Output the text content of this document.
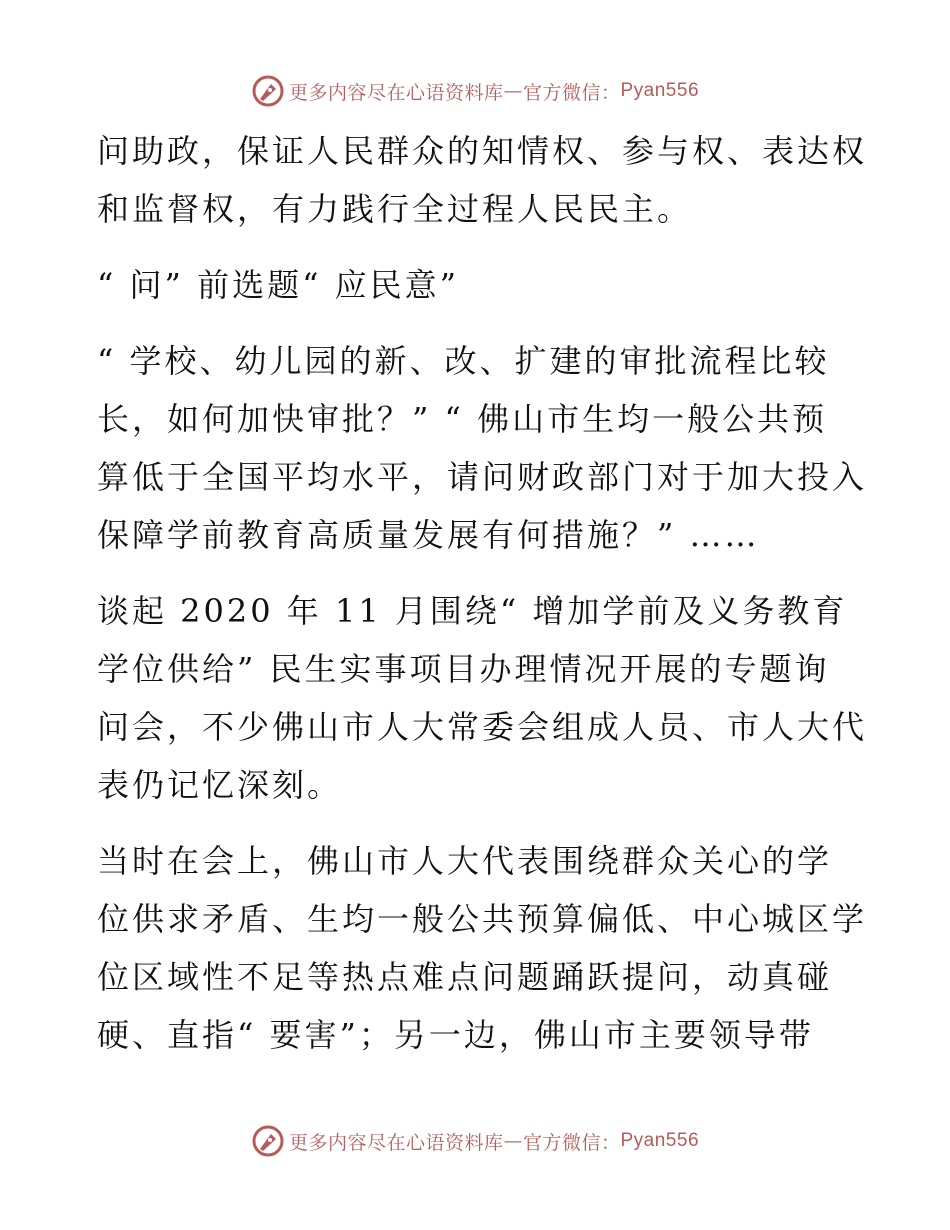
更多内容尽在心语资料库 — 官方微信： Pyan556
问助政，保证人民群众的知情权、参与权、表达权
和监督权，有力践行全过程人民民主。
“ 问” 前选题“ 应民意”
“ 学校、幼儿园的新、改、扩建的审批流程比较
长，如何加快审批？” “ 佛山市生均一般公共预
算低于全国平均水平，请问财政部门对于加大投入
保障学前教育高质量发展有何措施？” ……
谈起 2020 年 11 月围绕“ 增加学前及义务教育
学位供给” 民生实事项目办理情况开展的专题询
问会，不少佛山市人大常委会组成人员、市人大代
表仍记忆深刻。
当时在会上，佛山市人大代表围绕群众关心的学
位供求矛盾、生均一般公共预算偏低、中心城区学
位区域性不足等热点难点问题踊跃提问，动真碰
硬、直指“ 要害”；另一边，佛山市主要领导带
更多内容尽在心语资料库 — 官方微信： Pyan556
